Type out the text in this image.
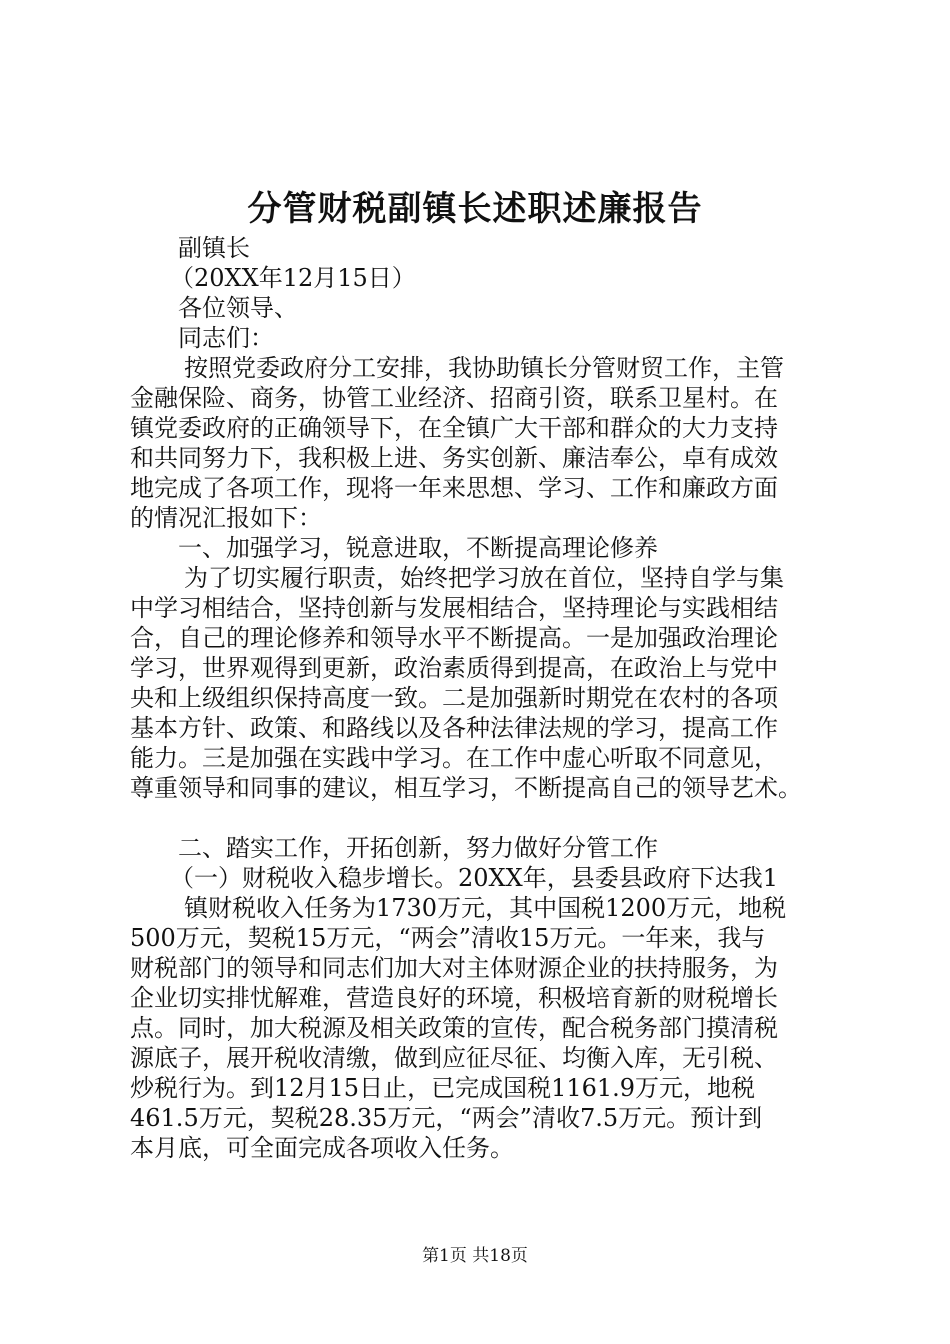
分管财税副镇长述职述廉报告
副镇长
（20XX年12月15日）
各位领导、
同志们：
按照党委政府分工安排，我协助镇长分管财贸工作，主管
金融保险、商务，协管工业经济、招商引资，联系卫星村。在
镇党委政府的正确领导下，在全镇广大干部和群众的大力支持
和共同努力下，我积极上进、务实创新、廉洁奉公，卓有成效
地完成了各项工作，现将一年来思想、学习、工作和廉政方面
的情况汇报如下：
一、加强学习，锐意进取，不断提高理论修养
为了切实履行职责，始终把学习放在首位，坚持自学与集
中学习相结合，坚持创新与发展相结合，坚持理论与实践相结
合，自己的理论修养和领导水平不断提高。一是加强政治理论
学习，世界观得到更新，政治素质得到提高，在政治上与党中
央和上级组织保持高度一致。二是加强新时期党在农村的各项
基本方针、政策、和路线以及各种法律法规的学习，提高工作
能力。三是加强在实践中学习。在工作中虚心听取不同意见，
尊重领导和同事的建议，相互学习，不断提高自己的领导艺术。
二、踏实工作，开拓创新，努力做好分管工作
（一）财税收入稳步增长。20XX年，县委县政府下达我1
镇财税收入任务为1730万元，其中国税1200万元，地税
500万元，契税15万元，“两会”清收15万元。一年来，我与
财税部门的领导和同志们加大对主体财源企业的扶持服务，为
企业切实排忧解难，营造良好的环境，积极培育新的财税增长
点。同时，加大税源及相关政策的宣传，配合税务部门摸清税
源底子，展开税收清缴，做到应征尽征、均衡入库，无引税、
炒税行为。到12月15日止，已完成国税1161.9万元，地税
461.5万元，契税28.35万元，“两会”清收7.5万元。预计到
本月底，可全面完成各项收入任务。
第1页 共18页
